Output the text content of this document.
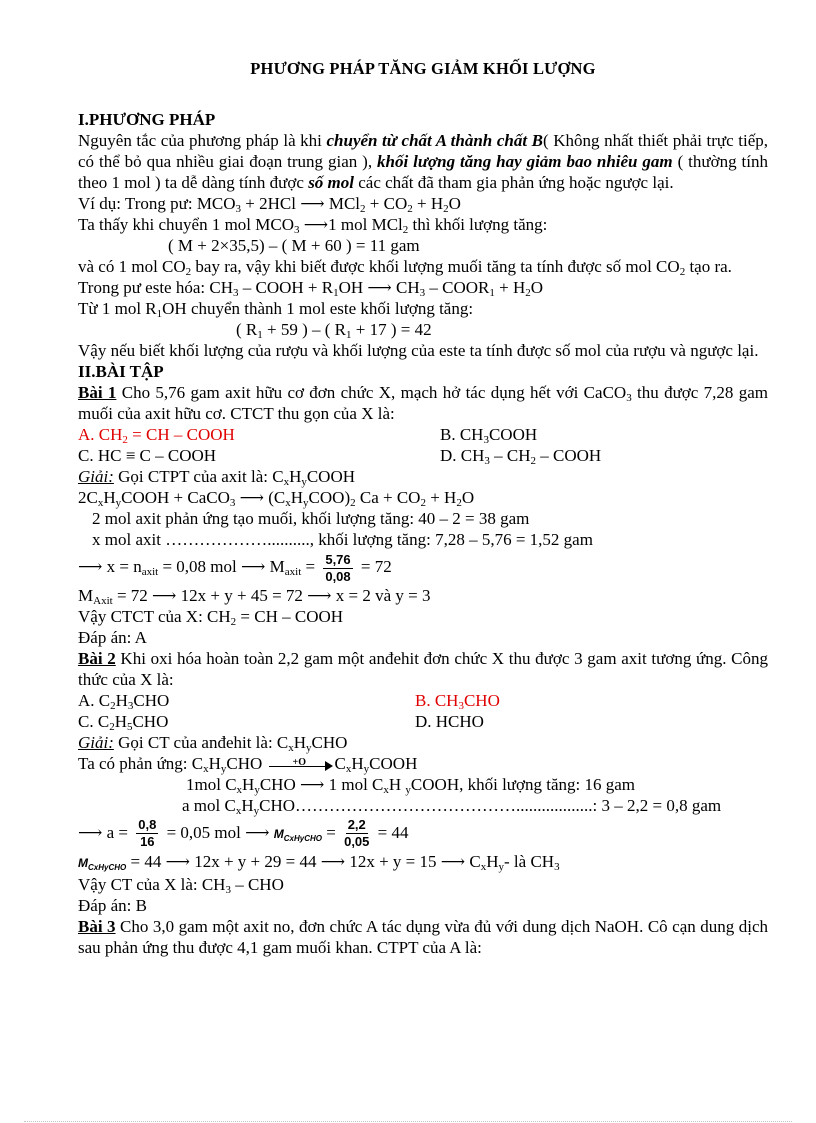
PHƯƠNG PHÁP TĂNG GIẢM KHỐI LƯỢNG

I.PHƯƠNG PHÁP

Nguyên tắc của phương pháp là khi chuyển từ chất A thành chất B( Không nhất thiết phải trực tiếp, có thể bỏ qua nhiều giai đoạn trung gian ), khối lượng tăng hay giảm bao nhiêu gam ( thường tính theo 1 mol ) ta dễ dàng tính được số mol các chất đã tham gia phản ứng hoặc ngược lại.

Ví dụ: Trong pư: $MCO_3 + 2HCl$ ⟶ $MCl_2 + CO_2 + H_2O$

Ta thấy khi chuyển 1 mol $MCO_3$ ⟶1 mol MCl$_2$ thì khối lượng tăng:

( M + 2×35,5) – ( M + 60 ) = 11 gam

và có 1 mol $CO_2$ bay ra, vậy khi biết được khối lượng muối tăng ta tính được số mol $CO_2$ tạo ra.

Trong pư este hóa: $CH_3$ – COOH + $R_1OH$ ⟶ $CH_3$ – $COOR_1 + H_2O$

Từ 1 mol $R_1OH$ chuyển thành 1 mol este khối lượng tăng:

( $R_1 + 59$ ) – ( $R_1 + 17$ ) = 42

Vậy nếu biết khối lượng của rượu và khối lượng của este ta tính được số mol của rượu và ngược lại.

II.BÀI TẬP

Bài 1 Cho 5,76 gam axit hữu cơ đơn chức X, mạch hở tác dụng hết với CaCO$_3$ thu được 7,28 gam muối của axit hữu cơ. CTCT thu gọn của X là:

A. $CH_2$ = CH – COOH	B. $CH_3COOH$
C. HC ≡ C – COOH	D. $CH_3 - CH_2$ – COOH

Giải: Gọi CTPT của axit là: $C_xH_yCOOH$

$2C_xH_yCOOH$ + CaCO$_3$ ⟶ $(C_xH_yCOO)_2$ $Ca + CO_2 + H_2O$

2 mol axit phản ứng tạo muối, khối lượng tăng: 40 – 2 = 38 gam

x mol axit ……………….........., khối lượng tăng: 7,28 – 5,76 = 1,52 gam

⟶ $x = n_{axit} = 0,08$ mol ⟶ $M_{axit} = \frac{5,76}{0,08} = 72$

$M_{Axit} = 72$ ⟶ 12x + y + 45 = 72 ⟶ x = 2 và y = 3

Vậy CTCT của X: $CH_2$ = CH – COOH

Đáp án: A

Bài 2 Khi oxi hóa hoàn toàn 2,2 gam một anđehit đơn chức X thu được 3 gam axit tương ứng. Công thức của X là:

A. $C_2H_3CHO$	B. $CH_3CHO$
C. $C_2H_5CHO$	D. HCHO

Giải: Gọi CT của anđehit là: $C_xH_yCHO$

Ta có phản ứng: $C_xH_yCHO$	+O $C_xH_yCOOH$

1mol $C_xH_yCHO$ ⟶ 1 mol $C_xH$ $_y$COOH, khối lượng tăng: 16 gam

a mol $C_xH_yCHO\dots\dots\dots\dots\dots\dots\dots\dots\dots\dots\dots\dots\dots$..................: 3 – 2,2 = 0,8 gam

⟶ $a = \frac{0,8}{16} = 0,05$ mol ⟶ $M_{CxHyCHO} = \frac{2,2}{0,05} = 44$

$M_{CxHyCHO} = 44$ ⟶ 12x + y + 29 = 44 ⟶ 12x + y = 15 ⟶ $C_xH_y-$ là $CH_3$

Vậy CT của X là: $CH_3$ – CHO

Đáp án: B

Bài 3 Cho 3,0 gam một axit no, đơn chức A tác dụng vừa đủ với dung dịch NaOH. Cô cạn dung dịch sau phản ứng thu được 4,1 gam muối khan. CTPT của A là:
